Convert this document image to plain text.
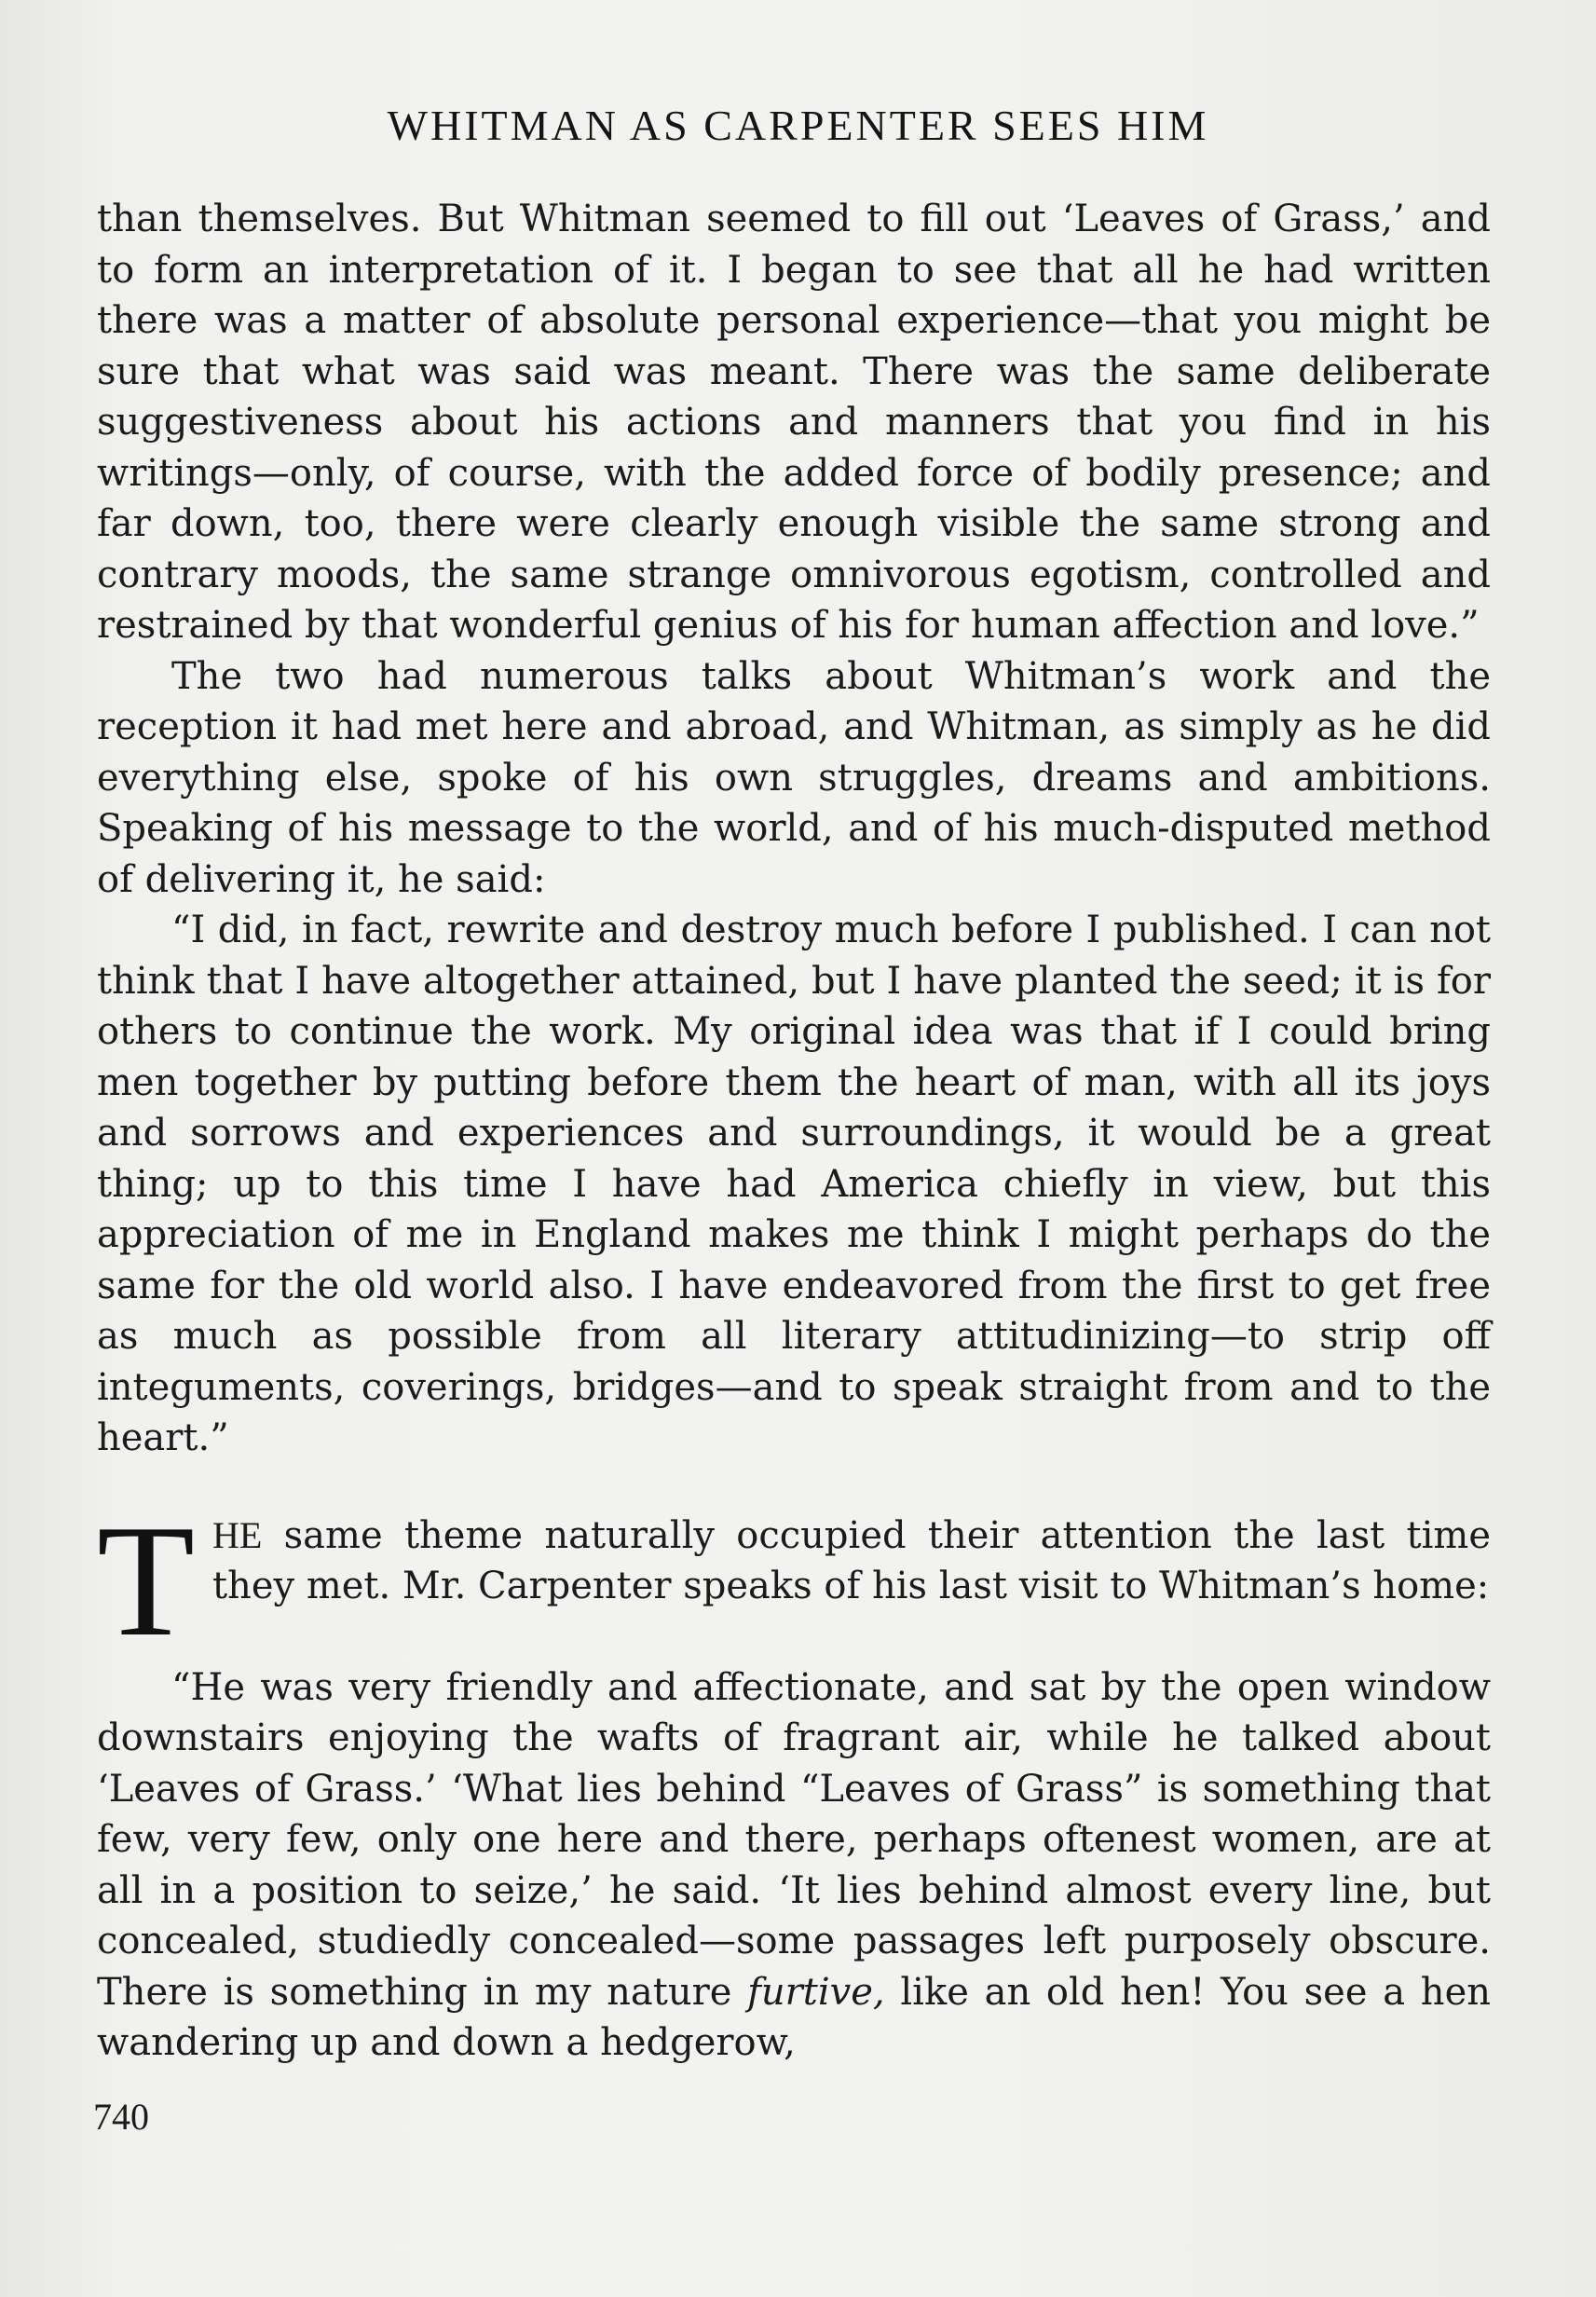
WHITMAN AS CARPENTER SEES HIM

than themselves. But Whitman seemed to fill out ‘Leaves of Grass,’ and to form an interpretation of it. I began to see that all he had written there was a matter of absolute personal experience—that you might be sure that what was said was meant. There was the same deliberate suggestiveness about his actions and manners that you find in his writings—only, of course, with the added force of bodily presence; and far down, too, there were clearly enough visible the same strong and contrary moods, the same strange omnivorous egotism, controlled and restrained by that wonderful genius of his for human affection and love.”

The two had numerous talks about Whitman’s work and the reception it had met here and abroad, and Whitman, as simply as he did everything else, spoke of his own struggles, dreams and ambitions. Speaking of his message to the world, and of his much-disputed method of delivering it, he said:

“I did, in fact, rewrite and destroy much before I published. I can not think that I have altogether attained, but I have planted the seed; it is for others to continue the work. My original idea was that if I could bring men together by putting before them the heart of man, with all its joys and sorrows and experiences and surroundings, it would be a great thing; up to this time I have had America chiefly in view, but this appreciation of me in England makes me think I might perhaps do the same for the old world also. I have endeavored from the first to get free as much as possible from all literary attitudinizing—to strip off integuments, coverings, bridges—and to speak straight from and to the heart.”

T HE same theme naturally occupied their attention the last time they met. Mr. Carpenter speaks of his last visit to Whitman’s home:

“He was very friendly and affectionate, and sat by the open window downstairs enjoying the wafts of fragrant air, while he talked about ‘Leaves of Grass.’ ‘What lies behind “Leaves of Grass” is something that few, very few, only one here and there, perhaps oftenest women, are at all in a position to seize,’ he said. ‘It lies behind almost every line, but concealed, studiedly concealed—some passages left purposely obscure. There is something in my nature furtive, like an old hen! You see a hen wandering up and down a hedgerow,

740
